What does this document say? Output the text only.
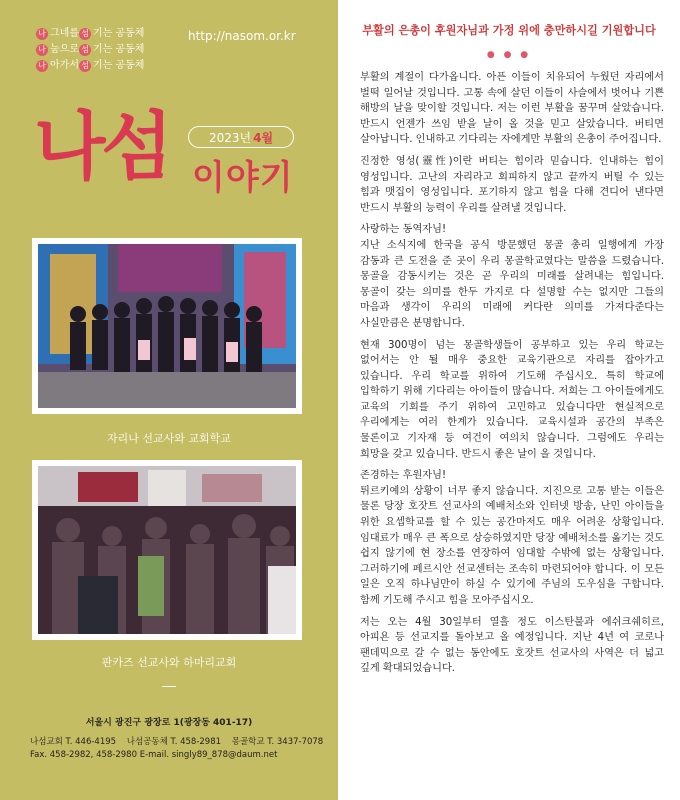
나 그네를 섬 기는 공동체
나 눔으로 섬 기는 공동체
나 아가서 섬 기는 공동체
http://nasom.or.kr
나섬	2023년 4월
이야기
자리나 선교사와 교회학교
판카즈 선교사와 하마리교회
서울시 광진구 광장로 1(광장동 401-17)
나섬교회 T. 446-4195 나섬공동체 T. 458-2981 몽골학교 T. 3437-7078
Fax. 458-2982, 458-2980 E-mail. singly89_878@daum.net
부활의 은총이 후원자님과 가정 위에 충만하시길 기원합니다
● ● ●

부활의 계절이 다가옵니다. 아픈 이들이 치유되어 누웠던 자리에서 벌떡 일어날 것입니다. 고통 속에 살던 이들이 사슬에서 벗어나 기쁜 해방의 날을 맞이할 것입니다. 저는 이런 부활을 꿈꾸며 살았습니다. 반드시 언젠가 쓰임 받을 날이 올 것을 믿고 살았습니다. 버티면 살아납니다. 인내하고 기다리는 자에게만 부활의 은총이 주어집니다.

진정한 영성(靈性)이란 버티는 힘이라 믿습니다. 인내하는 힘이 영성입니다. 고난의 자리라고 회피하지 않고 끝까지 버틸 수 있는 힘과 맷집이 영성입니다. 포기하지 않고 힘을 다해 견디어 낸다면 반드시 부활의 능력이 우리를 살려낼 것입니다.

사랑하는 동역자님!

지난 소식지에 한국을 공식 방문했던 몽골 총리 일행에게 가장 감동과 큰 도전을 준 곳이 우리 몽골학교였다는 말씀을 드렸습니다. 몽골을 감동시키는 것은 곧 우리의 미래를 살려내는 힘입니다. 몽골이 갖는 의미를 한두 가지로 다 설명할 수는 없지만 그들의 마음과 생각이 우리의 미래에 커다란 의미를 가져다준다는 사실만큼은 분명합니다.

현재 300명이 넘는 몽골학생들이 공부하고 있는 우리 학교는 없어서는 안 될 매우 중요한 교육기관으로 자리를 잡아가고 있습니다. 우리 학교를 위하여 기도해 주십시오. 특히 학교에 입학하기 위해 기다리는 아이들이 많습니다. 저희는 그 아이들에게도 교육의 기회를 주기 위하여 고민하고 있습니다만 현실적으로 우리에게는 여러 한계가 있습니다. 교육시설과 공간의 부족은 물론이고 기자재 등 여건이 여의치 않습니다. 그럼에도 우리는 희망을 갖고 있습니다. 반드시 좋은 날이 올 것입니다.

존경하는 후원자님!

튀르키예의 상황이 너무 좋지 않습니다. 지진으로 고통 받는 이들은 물론 당장 호잣트 선교사의 예배처소와 인터넷 방송, 난민 아이들을 위한 요셉학교를 할 수 있는 공간마저도 매우 어려운 상황입니다. 임대료가 매우 큰 폭으로 상승하였지만 당장 예배처소를 옮기는 것도 쉽지 않기에 현 장소를 연장하여 임대할 수밖에 없는 상황입니다. 그러하기에 페르시안 선교센터는 조속히 마련되어야 합니다. 이 모든 일은 오직 하나님만이 하실 수 있기에 주님의 도우심을 구합니다. 함께 기도해 주시고 힘을 모아주십시오.

저는 오는 4월 30일부터 열흘 정도 이스탄불과 에쉬크쉐히르, 아피욘 등 선교지를 돌아보고 올 예정입니다. 지난 4년 여 코로나 팬데믹으로 갈 수 없는 동안에도 호잣트 선교사의 사역은 더 넓고 깊게 확대되었습니다.
